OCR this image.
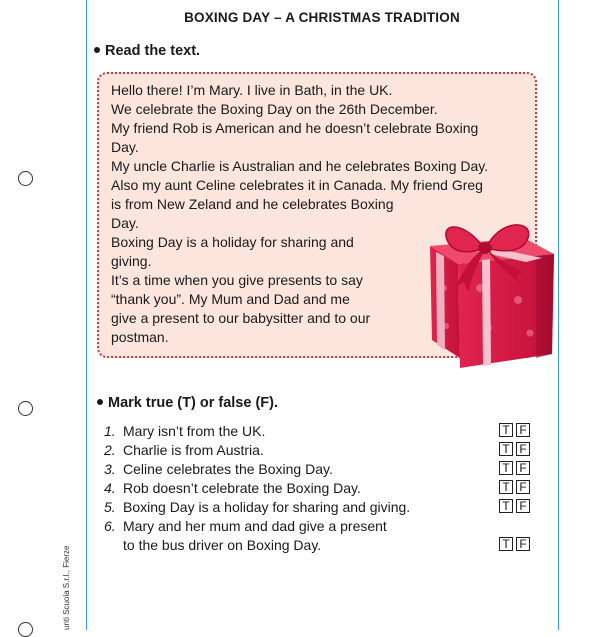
unti Scuola S.r.l., Fierze
BOXING DAY – A CHRISTMAS TRADITION
Read the text.
Hello there! I’m Mary. I live in Bath, in the UK.
We celebrate the Boxing Day on the 26th December.
My friend Rob is American and he doesn’t celebrate Boxing
Day.
My uncle Charlie is Australian and he celebrates Boxing Day.
Also my aunt Celine celebrates it in Canada. My friend Greg
is from New Zeland and he celebrates Boxing
Day.
Boxing Day is a holiday for sharing and
giving.
It’s a time when you give presents to say
“thank you”. My Mum and Dad and me
give a present to our babysitter and to our
postman.
Mark true (T) or false (F).
1. Mary isn’t from the UK.	T F
2. Charlie is from Austria.	T F
3. Celine celebrates the Boxing Day.	T F
4. Rob doesn’t celebrate the Boxing Day.	T F
5. Boxing Day is a holiday for sharing and giving.	T F
6. Mary and her mum and dad give a present
to the bus driver on Boxing Day.	T F
